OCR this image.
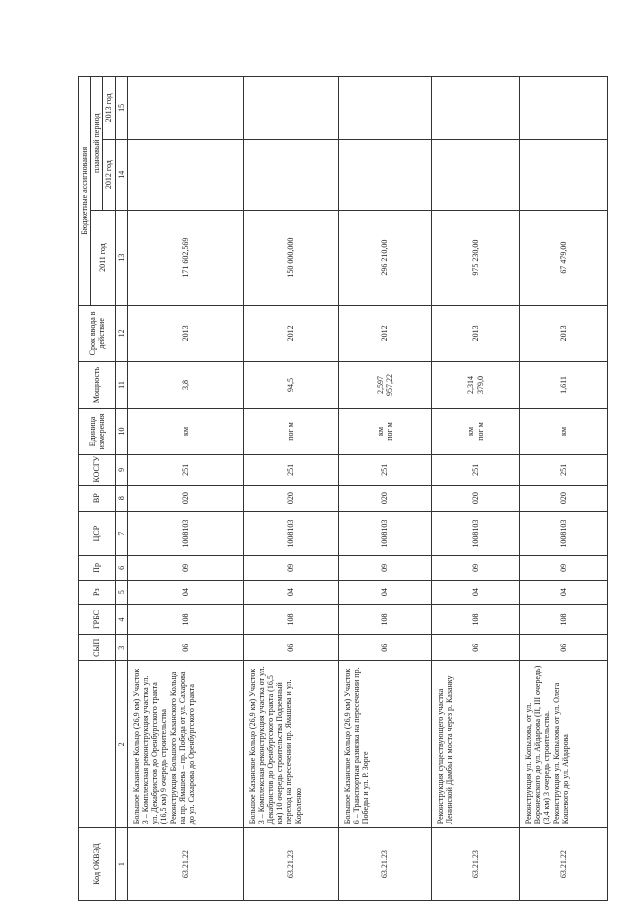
Код ОКВЭД		СЫП	ГРБС	Рз	Пр	ЦСР	ВР	КОСГУ	Единица измерения	Мощность	Срок ввода в действие	Бюджетные ассигнования		
												2011 год	плановый период	
													2012 год	2013 год
1	2	3	4	5	6	7	8	9	10	11	12	13	14	15
63.21.22	Большое Казанское Кольцо (26,9 км) Участок 3 – Комплексная реконструкция участка ул. ул. Декабристов до Оренбургского тракта (16,5 км) 9 очередь строительства Реконструкция Большого Казанского Кольца на пр. Ямашева – пр. Победа от ул. Сахарова до ул. Сахарова до Оренбургского тракта	06	108	04	09	1008103	020	251	км	3,8	2013	171 602,569		
63.21.23	Большое Казанское Кольцо (26,9 км) Участок 3 – Комплексная реконструкция участка от ул. Декабристов до Оренбургского тракта (16,5 км) 10 очередь строительства Подземный переход на пересечении пр. Ямашева и ул. Короленко	06	108	04	09	1008103	020	251	пог м	94,5	2012	150 000,000		
63.21.23	Большое Казанское Кольцо (26,9 км) Участок 6 – Транспортная развязка на пересечении пр. Победы и ул. Р. Зорге	06	108	04	09	1008103	020	251	км пог м	2,597 957,22	2012	296 210,00		
63.21.23	Реконструкция существующего участка Ленинской Дамбы и моста через р. Казанку	06	108	04	09	1008103	020	251	км пог м	2,314 379,0	2013	975 230,00		
63.21.22	Реконструкция ул. Копылова, от ул. Воронежского до ул. Айдарова (II, III очередь) (3,4 км) 3 очередь строительства. Реконструкция ул. Копылова от ул. Олега Кошевого до ул. Айдарова	06	108	04	09	1008103	020	251	км	1,611	2013	67 479,00		
